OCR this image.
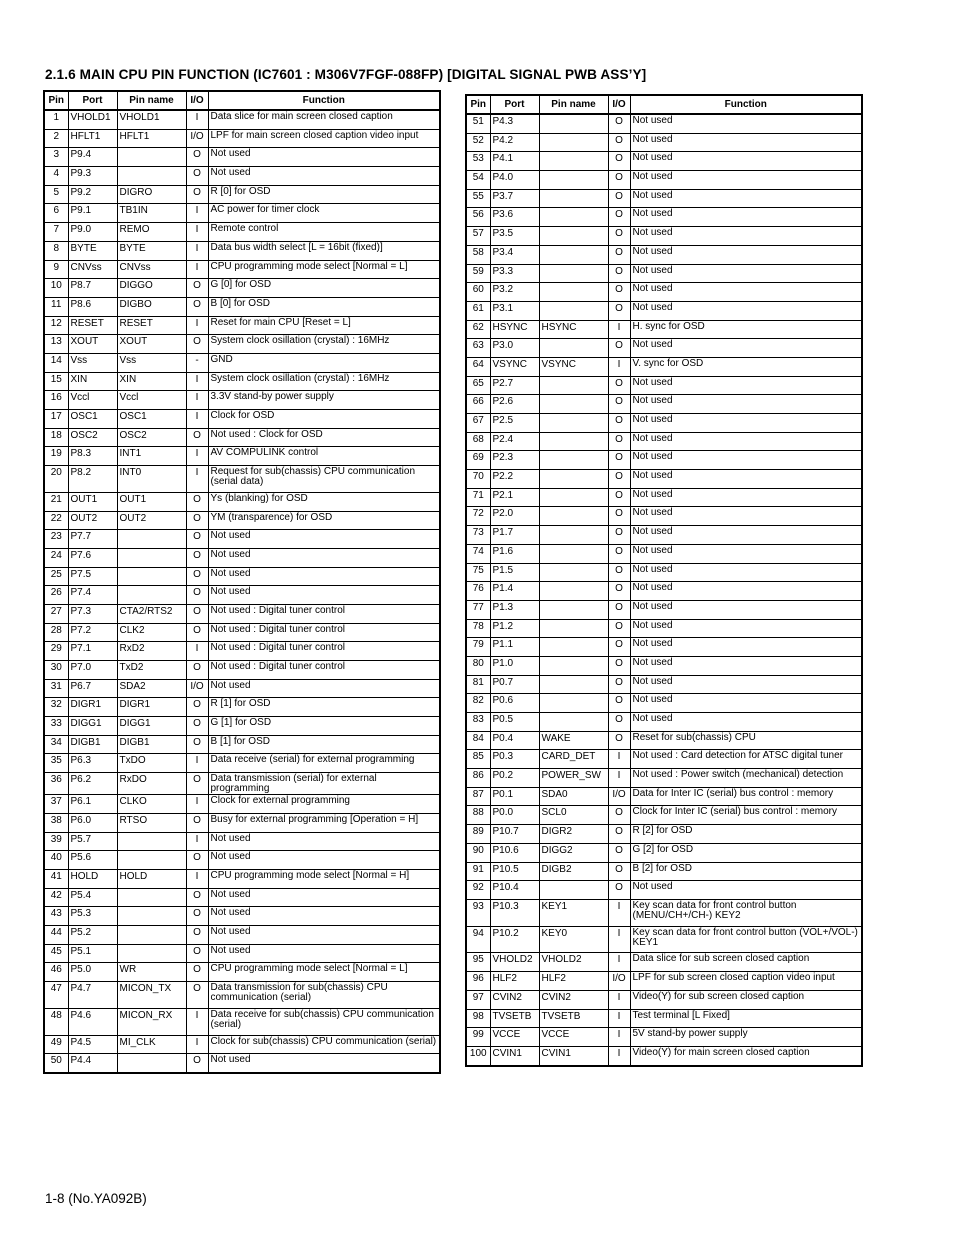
2.1.6 MAIN CPU PIN FUNCTION (IC7601 : M306V7FGF-088FP) [DIGITAL SIGNAL PWB ASS’Y]
Pin	Port	Pin name	I/O	Function
1	VHOLD1	VHOLD1	I	Data slice for main screen closed caption
2	HFLT1	HFLT1	I/O	LPF for main screen closed caption video input
3	P9.4		O	Not used
4	P9.3		O	Not used
5	P9.2	DIGRO	O	R [0] for OSD
6	P9.1	TB1IN	I	AC power for timer clock
7	P9.0	REMO	I	Remote control
8	BYTE	BYTE	I	Data bus width select [L = 16bit (fixed)]
9	CNVss	CNVss	I	CPU programming mode select [Normal = L]
10	P8.7	DIGGO	O	G [0] for OSD
11	P8.6	DIGBO	O	B [0] for OSD
12	RESET	RESET	I	Reset for main CPU [Reset = L]
13	XOUT	XOUT	O	System clock osillation (crystal) : 16MHz
14	Vss	Vss	-	GND
15	XIN	XIN	I	System clock osillation (crystal) : 16MHz
16	Vccl	Vccl	I	3.3V stand-by power supply
17	OSC1	OSC1	I	Clock for OSD
18	OSC2	OSC2	O	Not used : Clock for OSD
19	P8.3	INT1	I	AV COMPULINK control
20	P8.2	INT0	I	Request for sub(chassis) CPU communication (serial data)
21	OUT1	OUT1	O	Ys (blanking) for OSD
22	OUT2	OUT2	O	YM (transparence) for OSD
23	P7.7		O	Not used
24	P7.6		O	Not used
25	P7.5		O	Not used
26	P7.4		O	Not used
27	P7.3	CTA2/RTS2	O	Not used : Digital tuner control
28	P7.2	CLK2	O	Not used : Digital tuner control
29	P7.1	RxD2	I	Not used : Digital tuner control
30	P7.0	TxD2	O	Not used : Digital tuner control
31	P6.7	SDA2	I/O	Not used
32	DIGR1	DIGR1	O	R [1] for OSD
33	DIGG1	DIGG1	O	G [1] for OSD
34	DIGB1	DIGB1	O	B [1] for OSD
35	P6.3	TxDO	I	Data receive (serial) for external programming
36	P6.2	RxDO	O	Data transmission (serial) for external programming
37	P6.1	CLKO	I	Clock for external programming
38	P6.0	RTSO	O	Busy for external programming [Operation = H]
39	P5.7		I	Not used
40	P5.6		O	Not used
41	HOLD	HOLD	I	CPU programming mode select [Normal = H]
42	P5.4		O	Not used
43	P5.3		O	Not used
44	P5.2		O	Not used
45	P5.1		O	Not used
46	P5.0	WR	O	CPU programming mode select [Normal = L]
47	P4.7	MICON_TX	O	Data transmission for sub(chassis) CPU communication (serial)
48	P4.6	MICON_RX	I	Data receive for sub(chassis) CPU communication (serial)
49	P4.5	MI_CLK	I	Clock for sub(chassis) CPU communication (serial)
50	P4.4		O	Not used
Pin	Port	Pin name	I/O	Function
51	P4.3		O	Not used
52	P4.2		O	Not used
53	P4.1		O	Not used
54	P4.0		O	Not used
55	P3.7		O	Not used
56	P3.6		O	Not used
57	P3.5		O	Not used
58	P3.4		O	Not used
59	P3.3		O	Not used
60	P3.2		O	Not used
61	P3.1		O	Not used
62	HSYNC	HSYNC	I	H. sync for OSD
63	P3.0		O	Not used
64	VSYNC	VSYNC	I	V. sync for OSD
65	P2.7		O	Not used
66	P2.6		O	Not used
67	P2.5		O	Not used
68	P2.4		O	Not used
69	P2.3		O	Not used
70	P2.2		O	Not used
71	P2.1		O	Not used
72	P2.0		O	Not used
73	P1.7		O	Not used
74	P1.6		O	Not used
75	P1.5		O	Not used
76	P1.4		O	Not used
77	P1.3		O	Not used
78	P1.2		O	Not used
79	P1.1		O	Not used
80	P1.0		O	Not used
81	P0.7		O	Not used
82	P0.6		O	Not used
83	P0.5		O	Not used
84	P0.4	WAKE	O	Reset for sub(chassis) CPU
85	P0.3	CARD_DET	I	Not used : Card detection for ATSC digital tuner
86	P0.2	POWER_SW	I	Not used : Power switch (mechanical) detection
87	P0.1	SDA0	I/O	Data for Inter IC (serial) bus control : memory
88	P0.0	SCL0	O	Clock for Inter IC (serial) bus control : memory
89	P10.7	DIGR2	O	R [2] for OSD
90	P10.6	DIGG2	O	G [2] for OSD
91	P10.5	DIGB2	O	B [2] for OSD
92	P10.4		O	Not used
93	P10.3	KEY1	I	Key scan data for front control button (MENU/CH+/CH-) KEY2
94	P10.2	KEY0	I	Key scan data for front control button (VOL+/VOL-) KEY1
95	VHOLD2	VHOLD2	I	Data slice for sub screen closed caption
96	HLF2	HLF2	I/O	LPF for sub screen closed caption video input
97	CVIN2	CVIN2	I	Video(Y) for sub screen closed caption
98	TVSETB	TVSETB	I	Test terminal [L Fixed]
99	VCCE	VCCE	I	5V stand-by power supply
100	CVIN1	CVIN1	I	Video(Y) for main screen closed caption
1-8 (No.YA092B)
